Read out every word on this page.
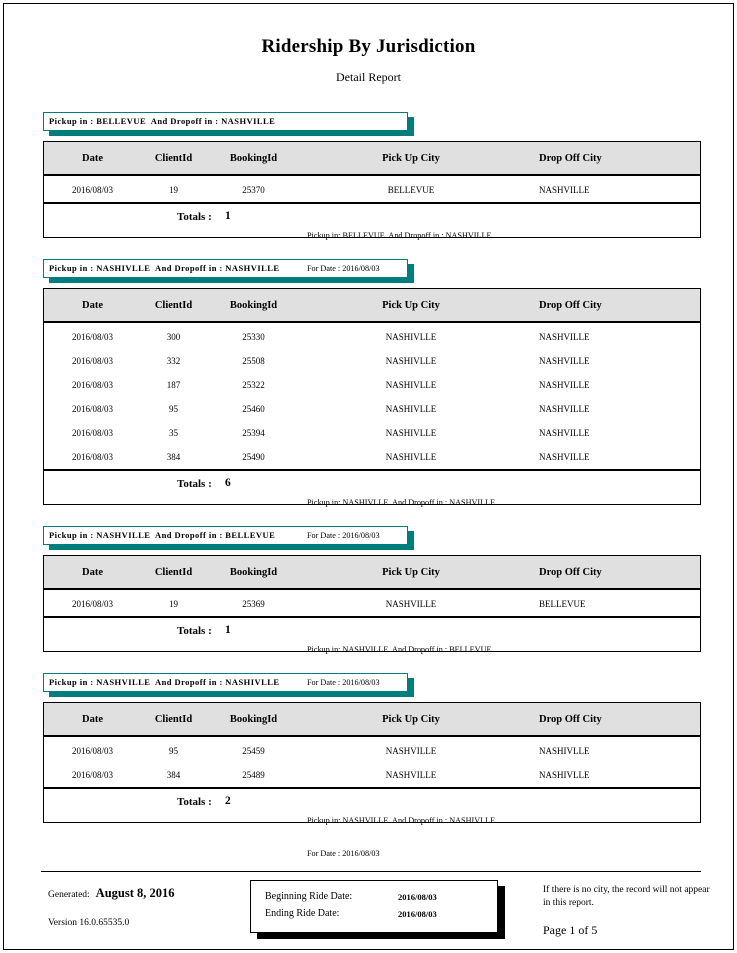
Ridership By Jurisdiction
Detail Report
Pickup in : BELLEVUE  And Dropoff in : NASHVILLE
Date	ClientId	BookingId	Pick Up City	Drop Off City
2016/08/03	19	25370	BELLEVUE	NASHVILLE
Totals : 1

Pickup in: BELLEVUE  And Dropoff in : NASHVILLE

For Date : 2016/08/03

Pickup in : NASHIVLLE  And Dropoff in : NASHVILLE
Date	ClientId	BookingId	Pick Up City	Drop Off City
2016/08/03	300	25330	NASHIVLLE	NASHVILLE
2016/08/03	332	25508	NASHIVLLE	NASHVILLE
2016/08/03	187	25322	NASHIVLLE	NASHVILLE
2016/08/03	95	25460	NASHIVLLE	NASHVILLE
2016/08/03	35	25394	NASHIVLLE	NASHVILLE
2016/08/03	384	25490	NASHIVLLE	NASHVILLE
Totals : 6

Pickup in: NASHIVLLE  And Dropoff in : NASHVILLE

For Date : 2016/08/03

Pickup in : NASHVILLE  And Dropoff in : BELLEVUE
Date	ClientId	BookingId	Pick Up City	Drop Off City
2016/08/03	19	25369	NASHVILLE	BELLEVUE
Totals : 1

Pickup in: NASHVILLE  And Dropoff in : BELLEVUE

For Date : 2016/08/03

Pickup in : NASHVILLE  And Dropoff in : NASHIVLLE
Date	ClientId	BookingId	Pick Up City	Drop Off City
2016/08/03	95	25459	NASHVILLE	NASHIVLLE
2016/08/03	384	25489	NASHVILLE	NASHIVLLE
Totals : 2

Pickup in: NASHVILLE  And Dropoff in : NASHIVLLE

For Date : 2016/08/03

Generated: August 8, 2016
Version 16.0.65535.0
Beginning Ride Date:	2016/08/03
Ending Ride Date:	2016/08/03
If there is no city, the record will not appear in this report.
Page 1 of 5
